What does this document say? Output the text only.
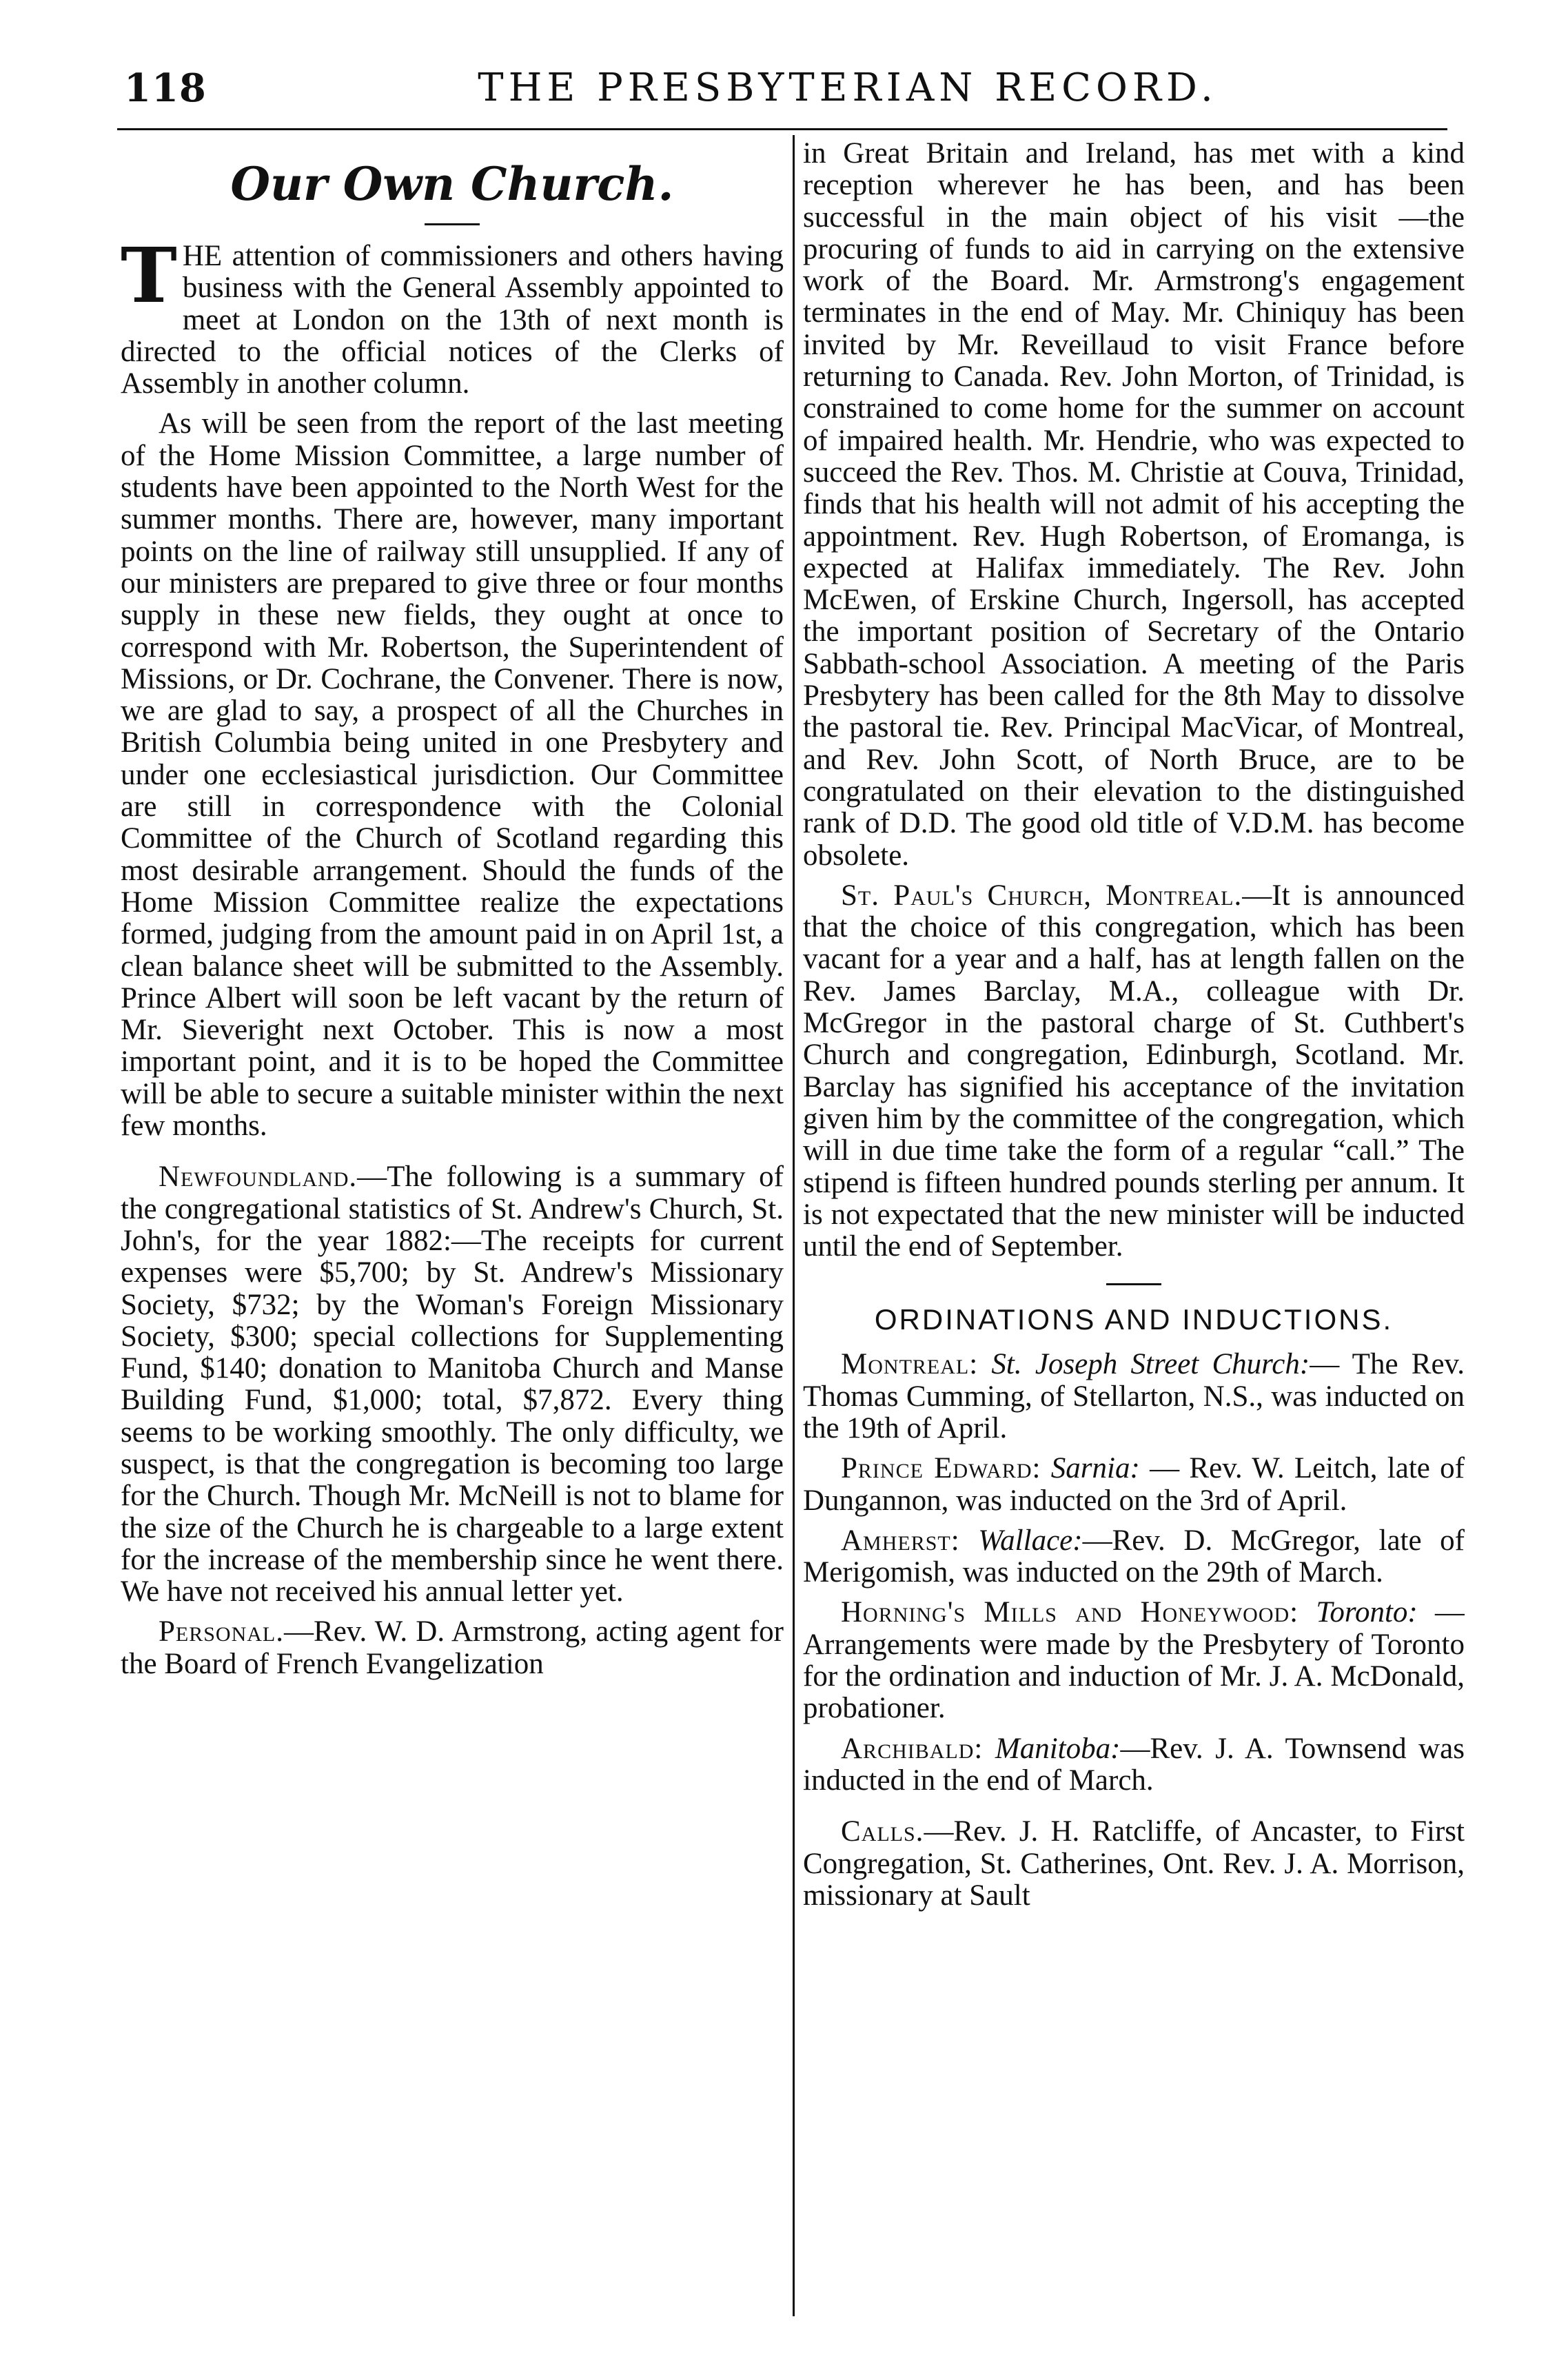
118	THE PRESBYTERIAN RECORD.
Our Own Church.

THE attention of commissioners and others having business with the General Assembly appointed to meet at London on the 13th of next month is directed to the official notices of the Clerks of Assembly in another column.

As will be seen from the report of the last meeting of the Home Mission Committee, a large number of students have been appointed to the North West for the summer months. There are, however, many important points on the line of railway still unsupplied. If any of our ministers are prepared to give three or four months supply in these new fields, they ought at once to correspond with Mr. Robertson, the Superintendent of Missions, or Dr. Cochrane, the Convener. There is now, we are glad to say, a prospect of all the Churches in British Columbia being united in one Presbytery and under one ecclesiastical jurisdiction. Our Committee are still in correspondence with the Colonial Committee of the Church of Scotland regarding this most desirable arrangement. Should the funds of the Home Mission Committee realize the expectations formed, judging from the amount paid in on April 1st, a clean balance sheet will be submitted to the Assembly. Prince Albert will soon be left vacant by the return of Mr. Sieveright next October. This is now a most important point, and it is to be hoped the Committee will be able to secure a suitable minister within the next few months.

Newfoundland.—The following is a summary of the congregational statistics of St. Andrew's Church, St. John's, for the year 1882:—The receipts for current expenses were $5,700; by St. Andrew's Missionary Society, $732; by the Woman's Foreign Missionary Society, $300; special collections for Supplementing Fund, $140; donation to Manitoba Church and Manse Building Fund, $1,000; total, $7,872. Every thing seems to be working smoothly. The only difficulty, we suspect, is that the congregation is becoming too large for the Church. Though Mr. McNeill is not to blame for the size of the Church he is chargeable to a large extent for the increase of the membership since he went there. We have not received his annual letter yet.

Personal.—Rev. W. D. Armstrong, acting agent for the Board of French Evangelization

in Great Britain and Ireland, has met with a kind reception wherever he has been, and has been successful in the main object of his visit —the procuring of funds to aid in carrying on the extensive work of the Board. Mr. Armstrong's engagement terminates in the end of May. Mr. Chiniquy has been invited by Mr. Reveillaud to visit France before returning to Canada. Rev. John Morton, of Trinidad, is constrained to come home for the summer on account of impaired health. Mr. Hendrie, who was expected to succeed the Rev. Thos. M. Christie at Couva, Trinidad, finds that his health will not admit of his accepting the appointment. Rev. Hugh Robertson, of Eromanga, is expected at Halifax immediately. The Rev. John McEwen, of Erskine Church, Ingersoll, has accepted the important position of Secretary of the Ontario Sabbath-school Association. A meeting of the Paris Presbytery has been called for the 8th May to dissolve the pastoral tie. Rev. Principal MacVicar, of Montreal, and Rev. John Scott, of North Bruce, are to be congratulated on their elevation to the distinguished rank of D.D. The good old title of V.D.M. has become obsolete.

St. Paul's Church, Montreal.—It is announced that the choice of this congregation, which has been vacant for a year and a half, has at length fallen on the Rev. James Barclay, M.A., colleague with Dr. McGregor in the pastoral charge of St. Cuthbert's Church and congregation, Edinburgh, Scotland. Mr. Barclay has signified his acceptance of the invitation given him by the committee of the congregation, which will in due time take the form of a regular “call.” The stipend is fifteen hundred pounds sterling per annum. It is not expectated that the new minister will be inducted until the end of September.

ORDINATIONS AND INDUCTIONS.

Montreal: St. Joseph Street Church:— The Rev. Thomas Cumming, of Stellarton, N.S., was inducted on the 19th of April.

Prince Edward: Sarnia: — Rev. W. Leitch, late of Dungannon, was inducted on the 3rd of April.

Amherst: Wallace:—Rev. D. McGregor, late of Merigomish, was inducted on the 29th of March.

Horning's Mills and Honeywood: Toronto: — Arrangements were made by the Presbytery of Toronto for the ordination and induction of Mr. J. A. McDonald, probationer.

Archibald: Manitoba:—Rev. J. A. Townsend was inducted in the end of March.

Calls.—Rev. J. H. Ratcliffe, of Ancaster, to First Congregation, St. Catherines, Ont. Rev. J. A. Morrison, missionary at Sault
